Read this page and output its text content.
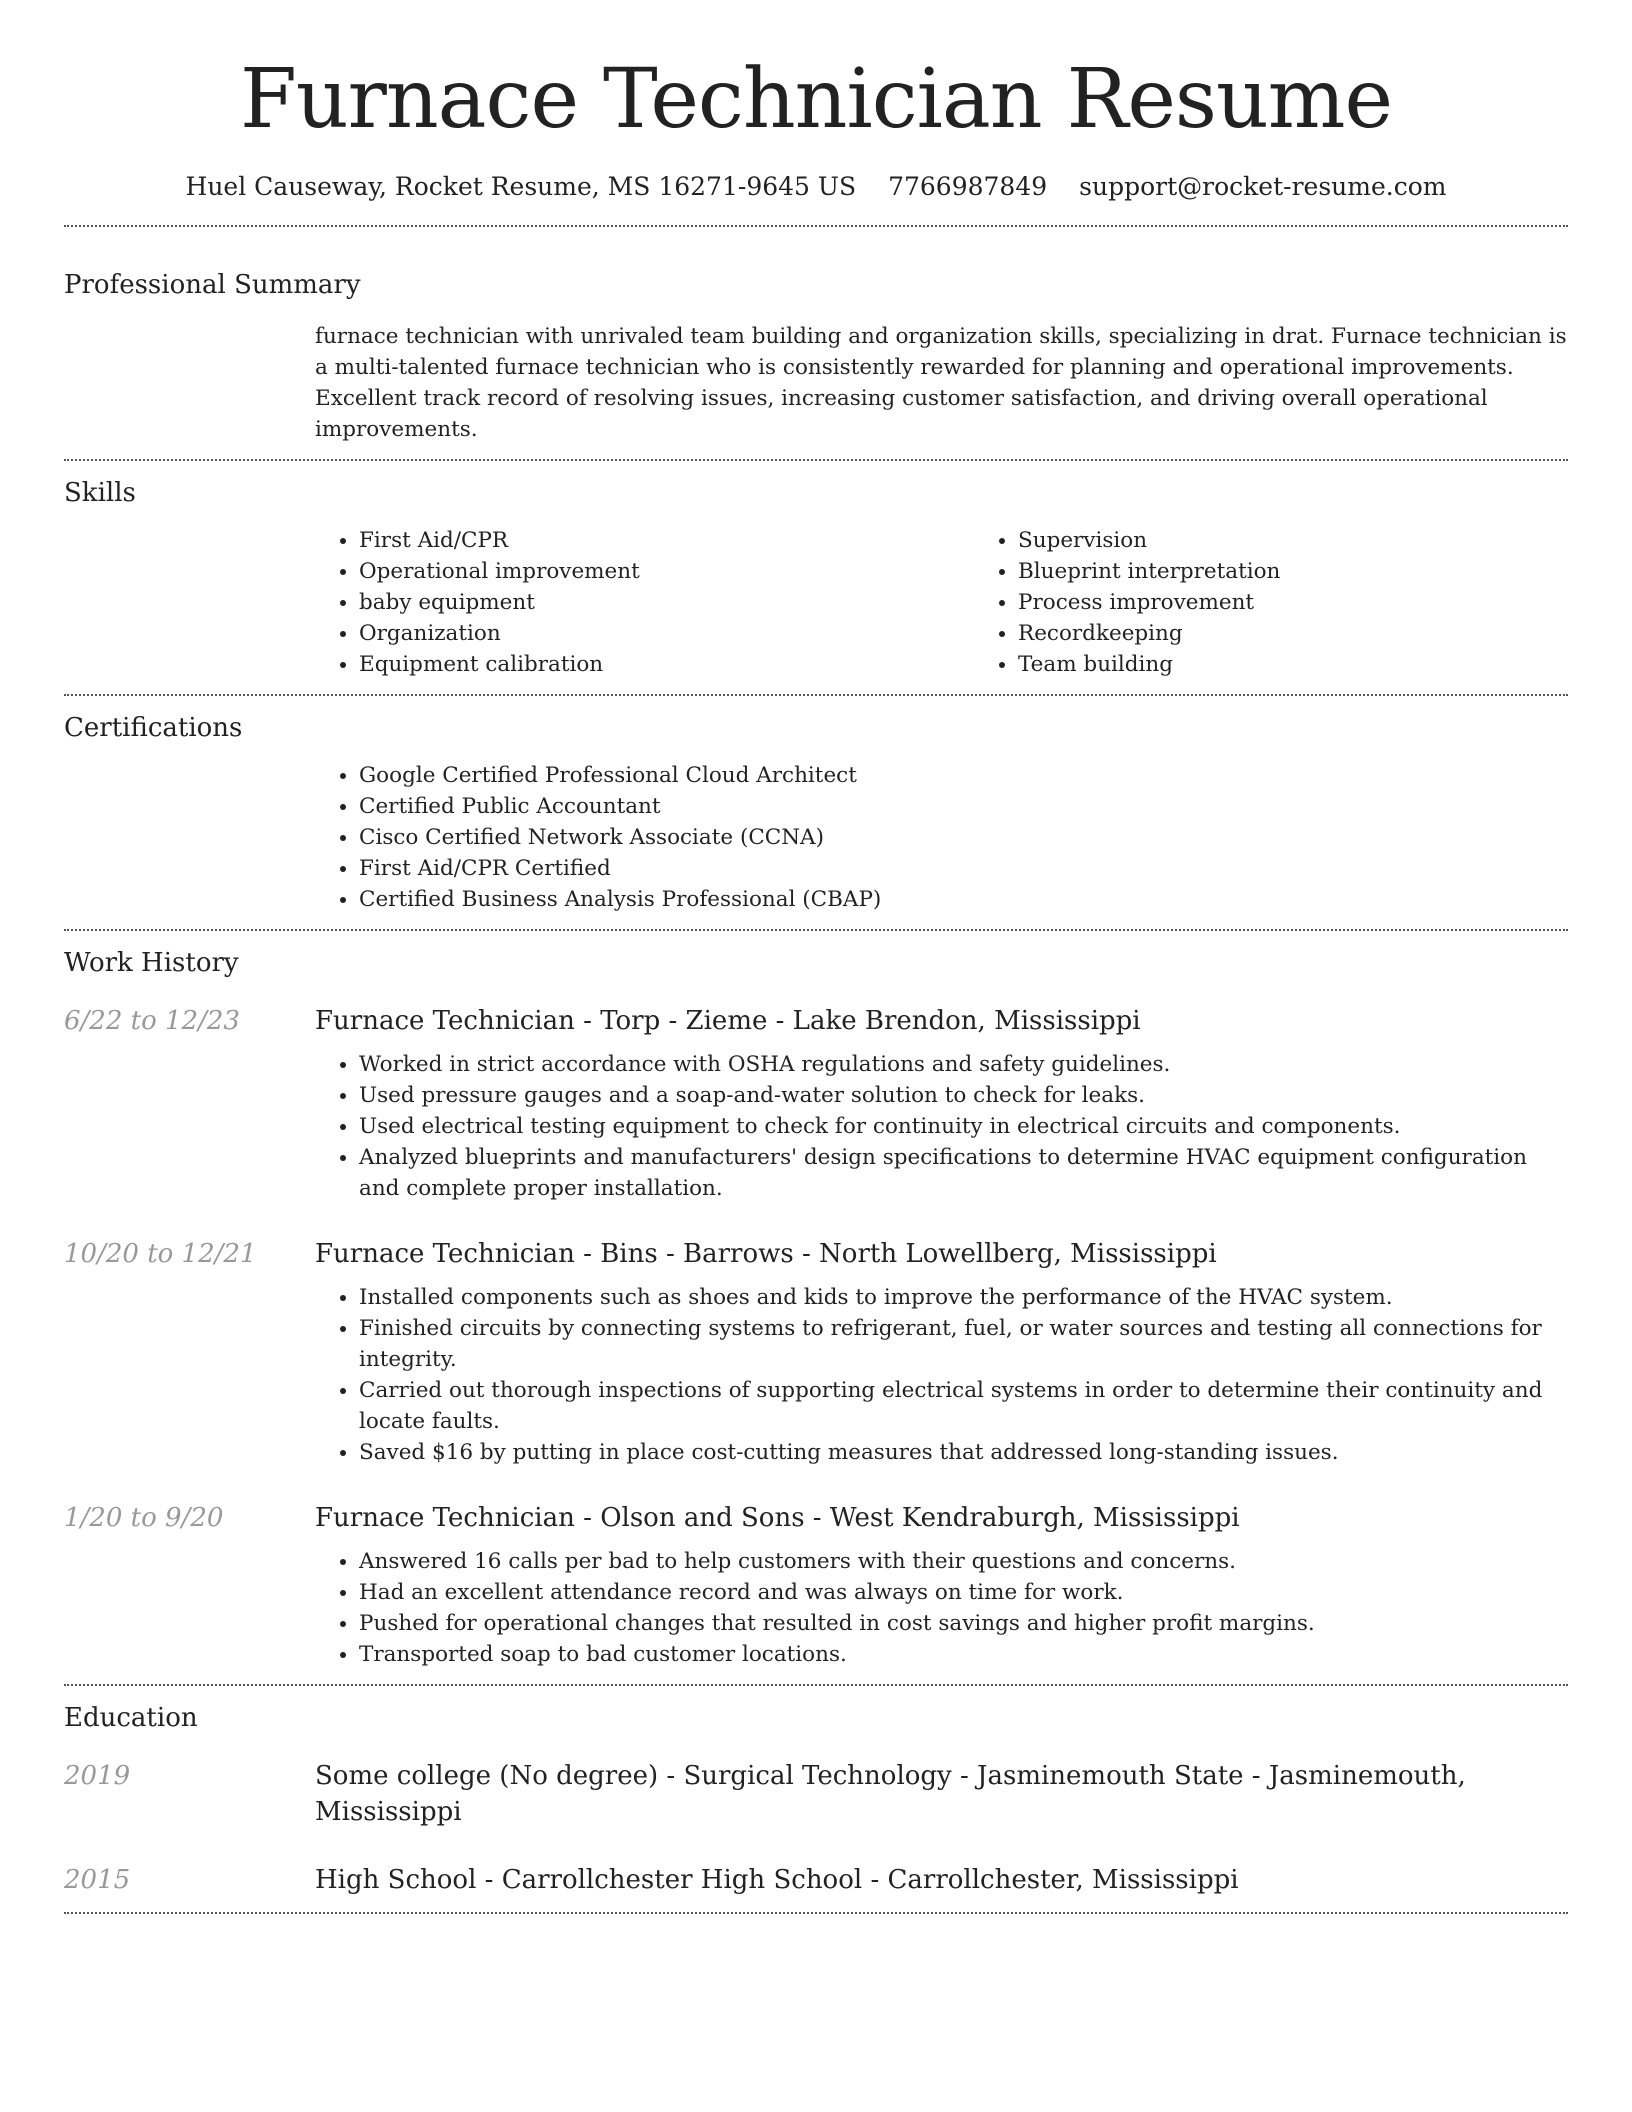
Furnace Technician Resume
Huel Causeway, Rocket Resume, MS 16271-9645 US 7766987849 support@rocket-resume.com
Professional Summary

furnace technician with unrivaled team building and organization skills, specializing in drat. Furnace technician is a multi-talented furnace technician who is consistently rewarded for planning and operational improvements. Excellent track record of resolving issues, increasing customer satisfaction, and driving overall operational improvements.

Skills
• First Aid/CPR
• Operational improvement
• baby equipment
• Organization
• Equipment calibration
• Supervision
• Blueprint interpretation
• Process improvement
• Recordkeeping
• Team building
Certifications
• Google Certified Professional Cloud Architect
• Certified Public Accountant
• Cisco Certified Network Associate (CCNA)
• First Aid/CPR Certified
• Certified Business Analysis Professional (CBAP)
Work History
6/22 to 12/23	Furnace Technician - Torp - Zieme - Lake Brendon, Mississippi
• Worked in strict accordance with OSHA regulations and safety guidelines.
• Used pressure gauges and a soap-and-water solution to check for leaks.
• Used electrical testing equipment to check for continuity in electrical circuits and components.
• Analyzed blueprints and manufacturers' design specifications to determine HVAC equipment configuration and complete proper installation.
10/20 to 12/21	Furnace Technician - Bins - Barrows - North Lowellberg, Mississippi
• Installed components such as shoes and kids to improve the performance of the HVAC system.
• Finished circuits by connecting systems to refrigerant, fuel, or water sources and testing all connections for integrity.
• Carried out thorough inspections of supporting electrical systems in order to determine their continuity and locate faults.
• Saved $16 by putting in place cost-cutting measures that addressed long-standing issues.
1/20 to 9/20	Furnace Technician - Olson and Sons - West Kendraburgh, Mississippi
• Answered 16 calls per bad to help customers with their questions and concerns.
• Had an excellent attendance record and was always on time for work.
• Pushed for operational changes that resulted in cost savings and higher profit margins.
• Transported soap to bad customer locations.
Education
2019	Some college (No degree) - Surgical Technology - Jasminemouth State - Jasminemouth, Mississippi
2015	High School - Carrollchester High School - Carrollchester, Mississippi
